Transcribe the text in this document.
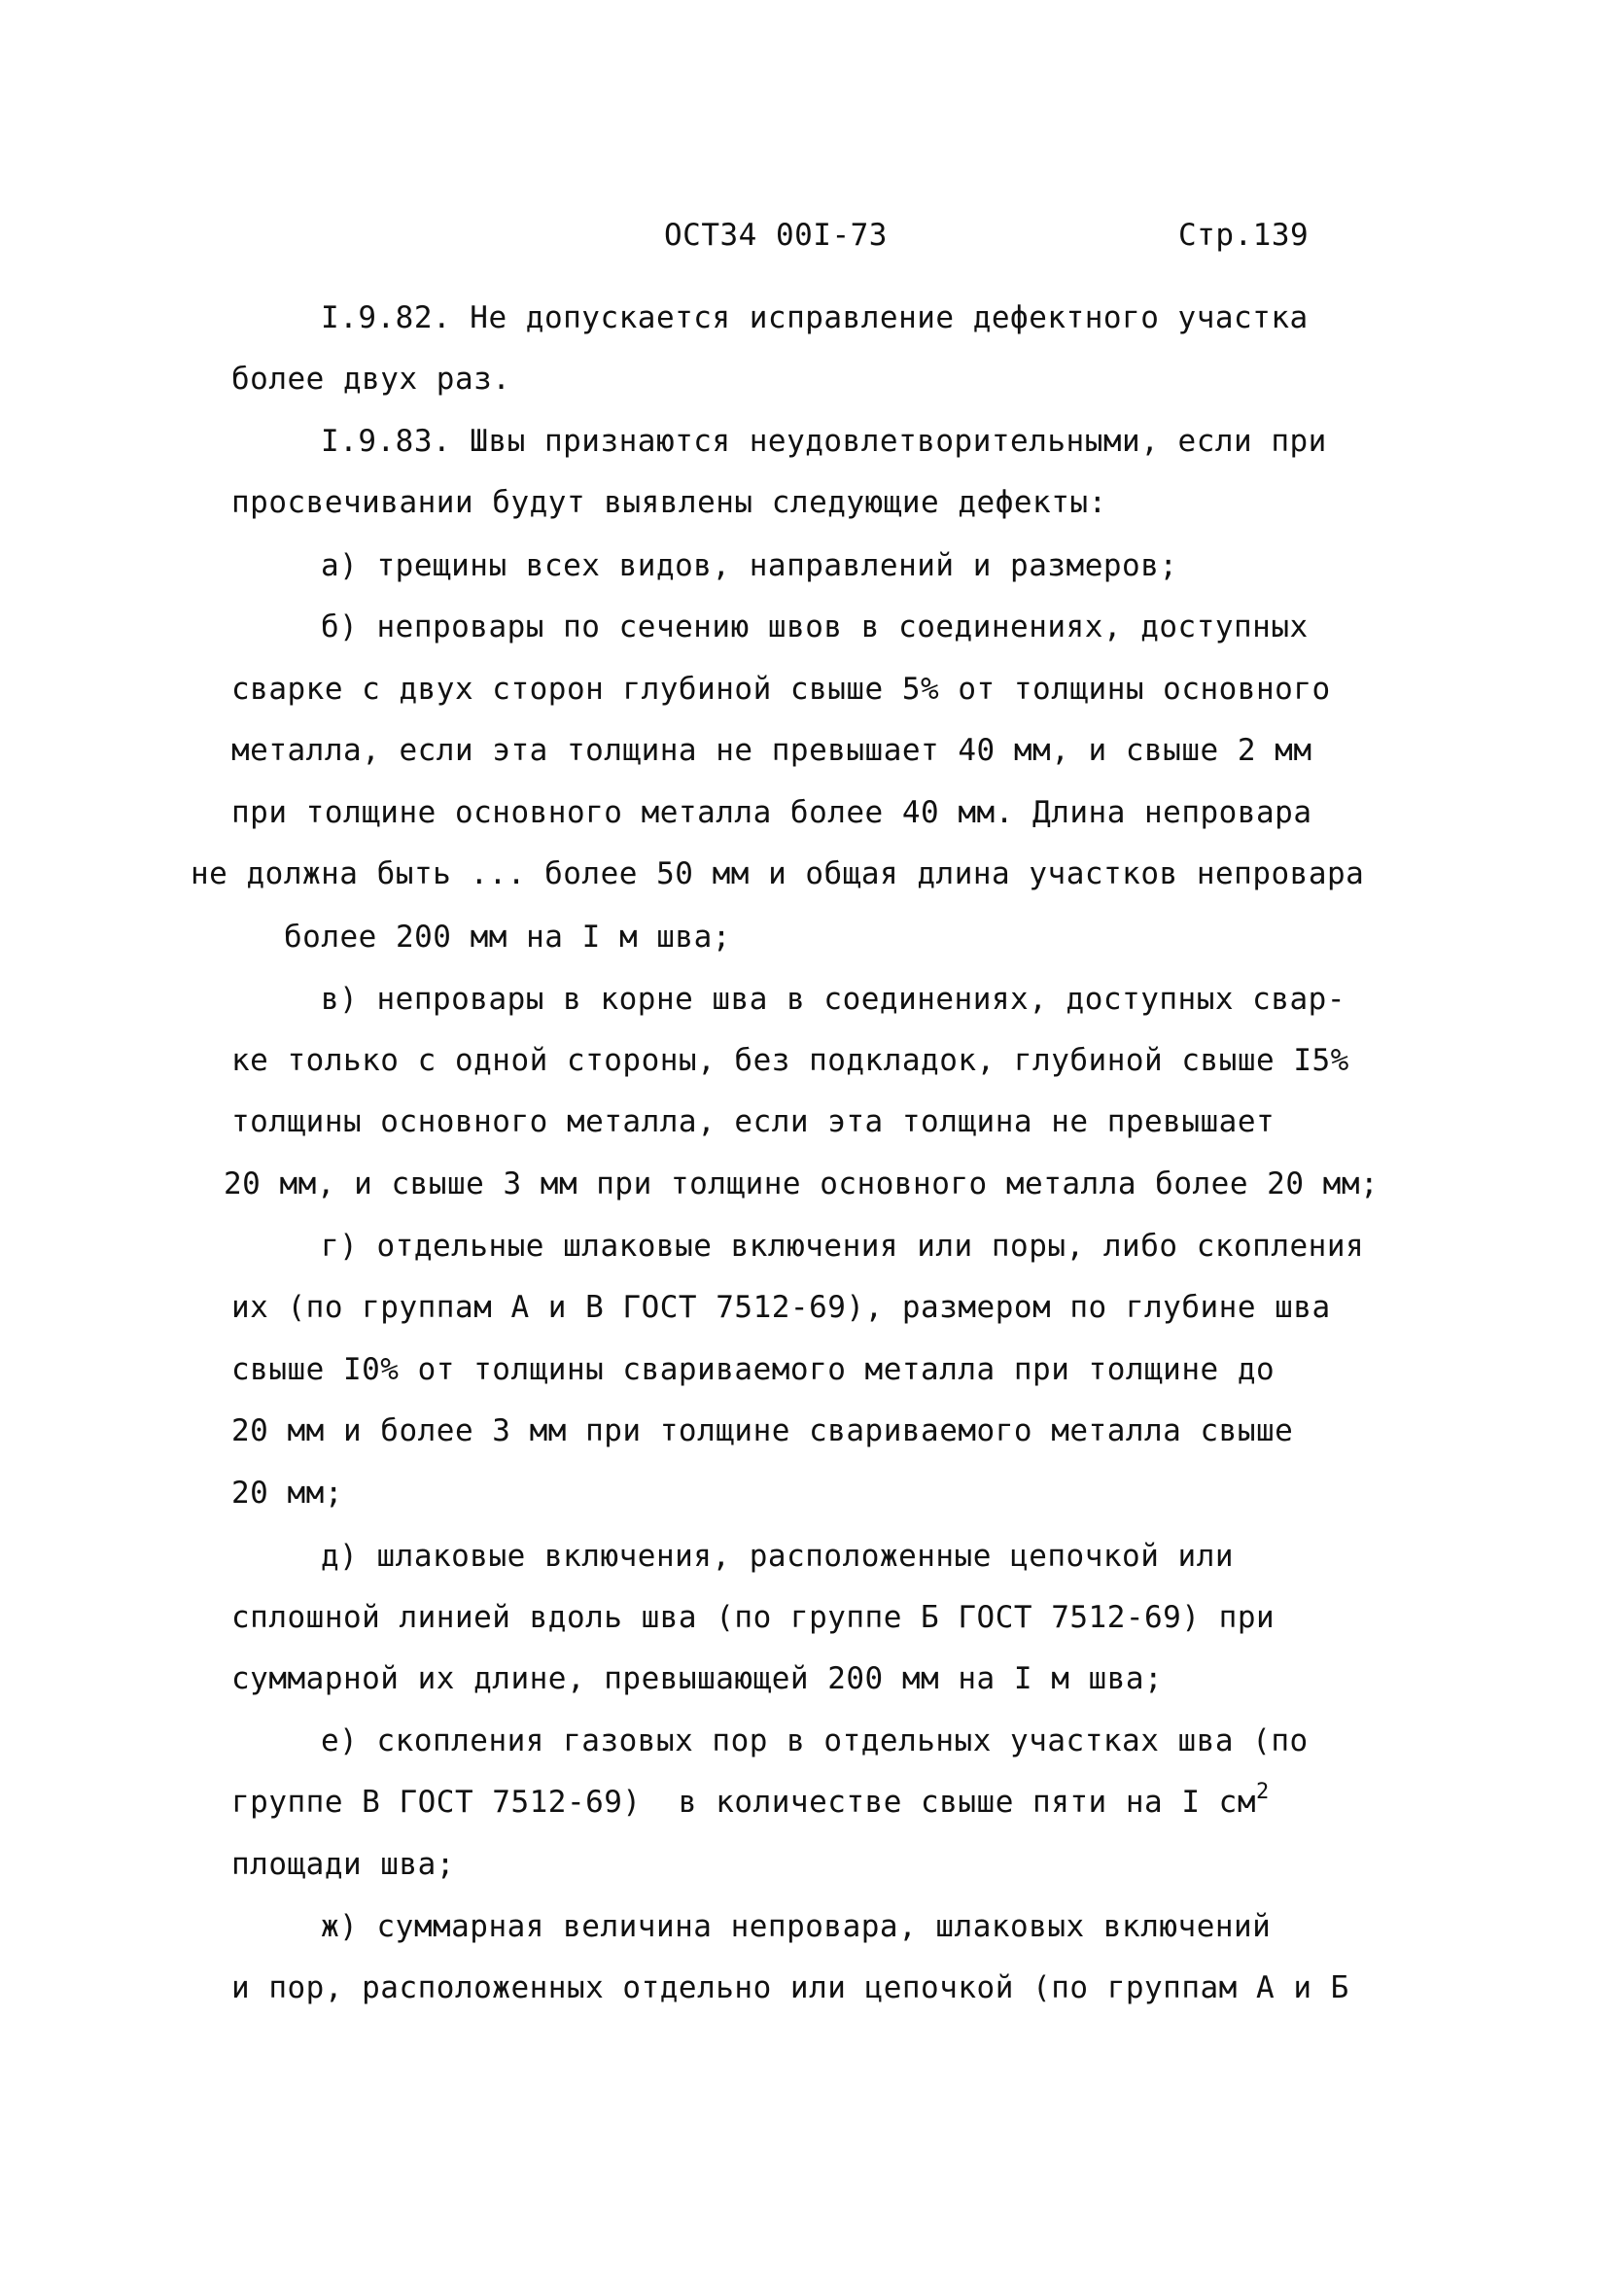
ОСТ34 00I-73	Стр.139
I.9.82. Не допускается исправление дефектного участка
более двух раз.
I.9.83. Швы признаются неудовлетворительными, если при
просвечивании будут выявлены следующие дефекты:
а) трещины всех видов, направлений и размеров;
б) непровары по сечению швов в соединениях, доступных
сварке с двух сторон глубиной свыше 5% от толщины основного
металла, если эта толщина не превышает 40 мм, и свыше 2 мм
при толщине основного металла более 40 мм. Длина непровара
не должна быть ... более 50 мм и общая длина участков непровара
более 200 мм на I м шва;
в) непровары в корне шва в соединениях, доступных свар-
ке только с одной стороны, без подкладок, глубиной свыше I5%
толщины основного металла, если эта толщина не превышает
20 мм, и свыше 3 мм при толщине основного металла более 20 мм;
г) отдельные шлаковые включения или поры, либо скопления
их (по группам А и В ГОСТ 7512-69), размером по глубине шва
свыше I0% от толщины свариваемого металла при толщине до
20 мм и более 3 мм при толщине свариваемого металла свыше
20 мм;
д) шлаковые включения, расположенные цепочкой или
сплошной линией вдоль шва (по группе Б ГОСТ 7512-69) при
суммарной их длине, превышающей 200 мм на I м шва;
е) скопления газовых пор в отдельных участках шва (по
группе В ГОСТ 7512-69)  в количестве свыше пяти на I $см^2$
площади шва;
ж) суммарная величина непровара, шлаковых включений
и пор, расположенных отдельно или цепочкой (по группам А и Б
